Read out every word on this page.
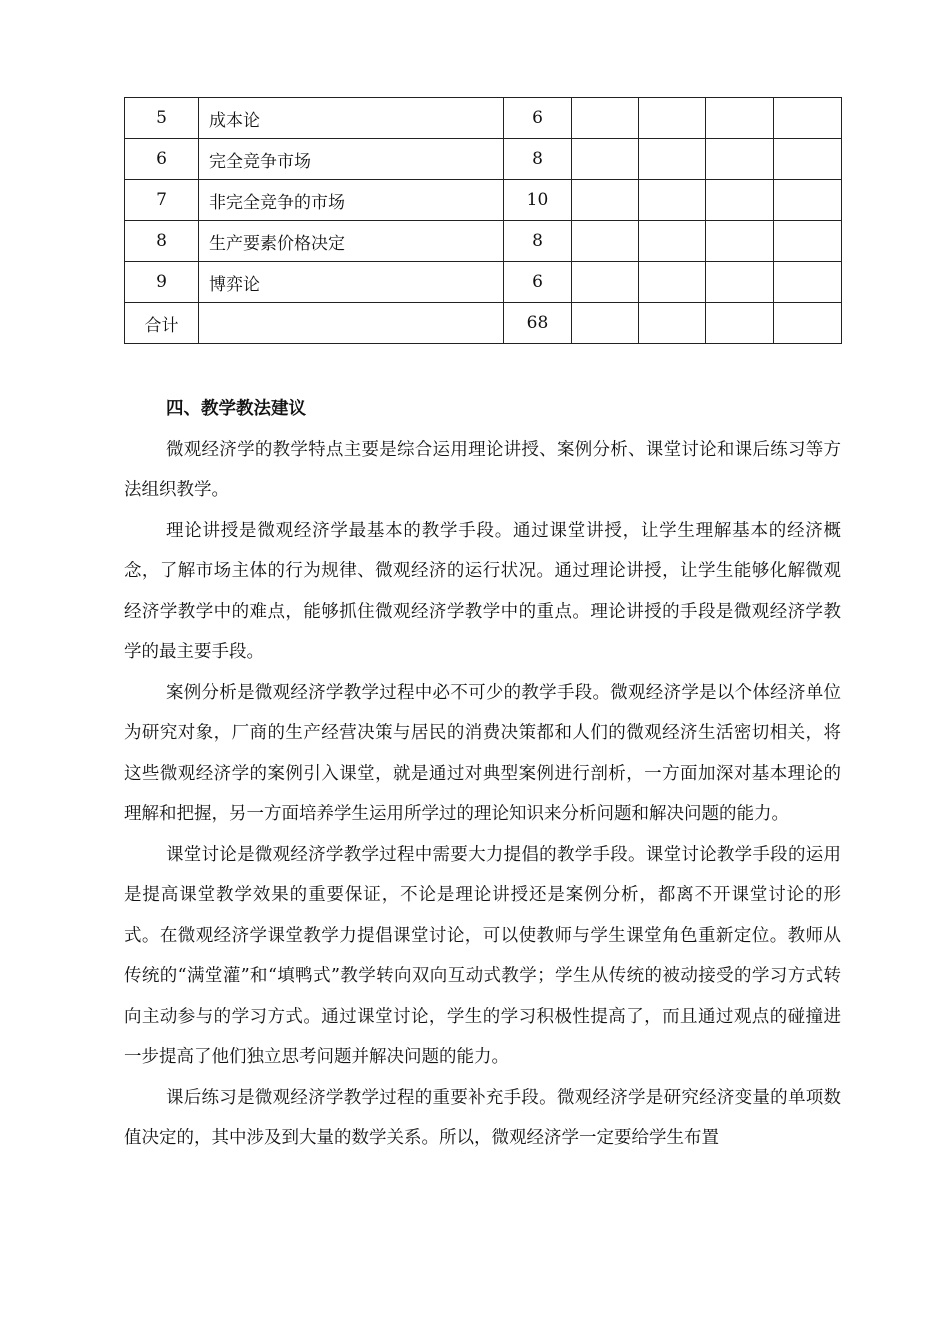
5	成本论	6				
6	完全竞争市场	8				
7	非完全竞争的市场	10				
8	生产要素价格决定	8				
9	博弈论	6				
合计		68				

四、教学教法建议

微观经济学的教学特点主要是综合运用理论讲授、案例分析、课堂讨论和课后练习等方法组织教学。

理论讲授是微观经济学最基本的教学手段。通过课堂讲授，让学生理解基本的经济概念，了解市场主体的行为规律、微观经济的运行状况。通过理论讲授，让学生能够化解微观经济学教学中的难点，能够抓住微观经济学教学中的重点。理论讲授的手段是微观经济学教学的最主要手段。

案例分析是微观经济学教学过程中必不可少的教学手段。微观经济学是以个体经济单位为研究对象，厂商的生产经营决策与居民的消费决策都和人们的微观经济生活密切相关，将这些微观经济学的案例引入课堂，就是通过对典型案例进行剖析，一方面加深对基本理论的理解和把握，另一方面培养学生运用所学过的理论知识来分析问题和解决问题的能力。

课堂讨论是微观经济学教学过程中需要大力提倡的教学手段。课堂讨论教学手段的运用是提高课堂教学效果的重要保证，不论是理论讲授还是案例分析，都离不开课堂讨论的形式。在微观经济学课堂教学力提倡课堂讨论，可以使教师与学生课堂角色重新定位。教师从传统的“满堂灌”和“填鸭式”教学转向双向互动式教学；学生从传统的被动接受的学习方式转向主动参与的学习方式。通过课堂讨论，学生的学习积极性提高了，而且通过观点的碰撞进一步提高了他们独立思考问题并解决问题的能力。

课后练习是微观经济学教学过程的重要补充手段。微观经济学是研究经济变量的单项数值决定的，其中涉及到大量的数学关系。所以，微观经济学一定要给学生布置
